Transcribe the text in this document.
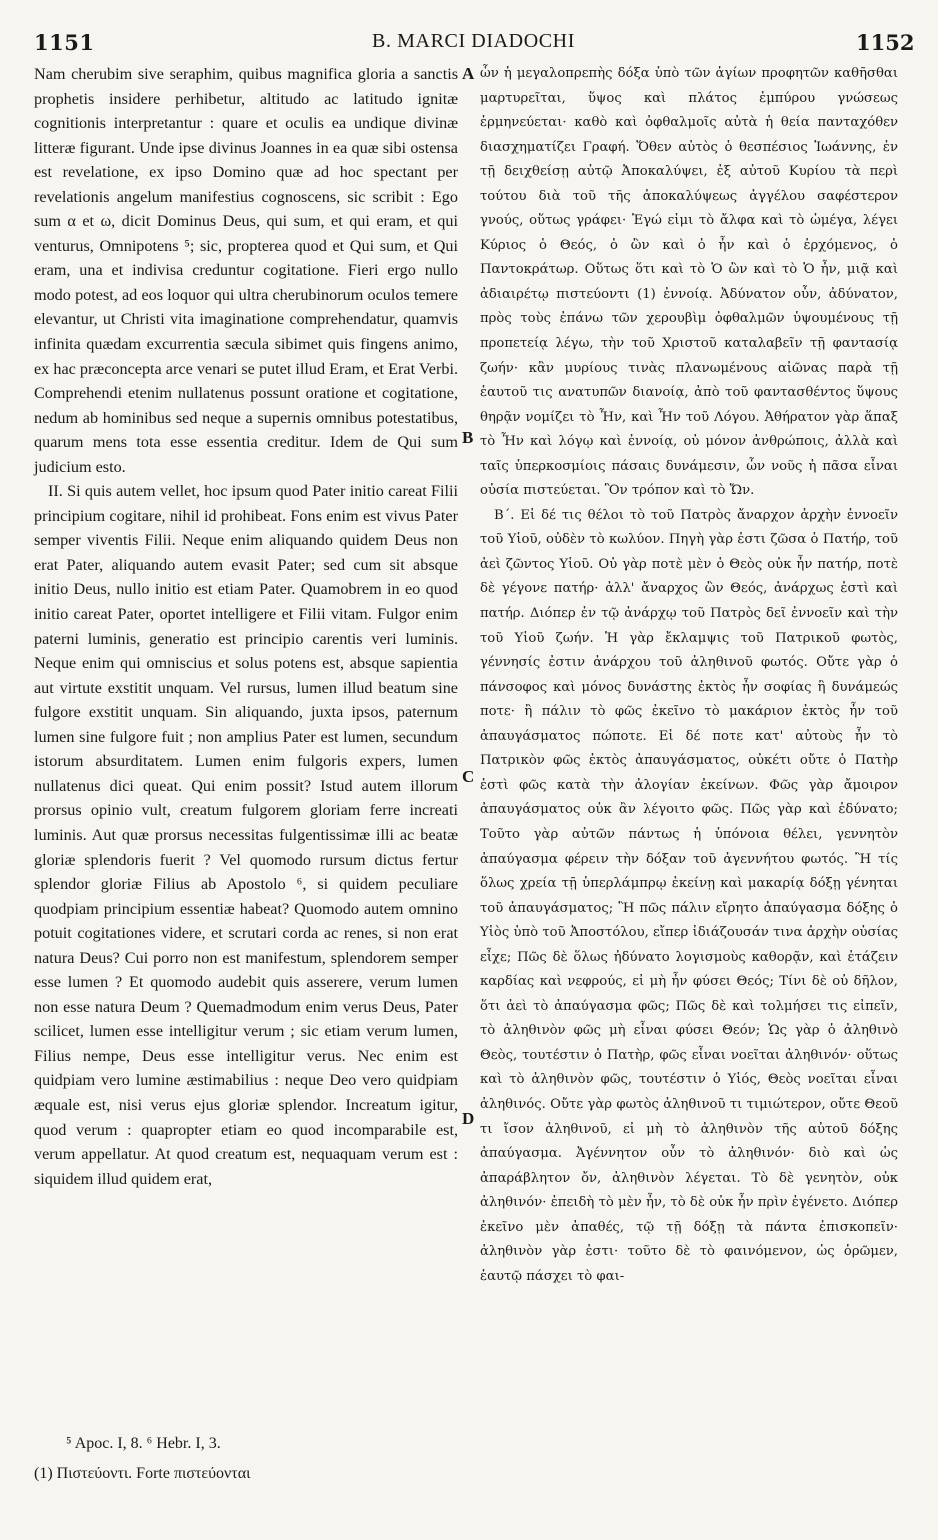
1151	B. MARCI DIADOCHI	1152

Nam cherubim sive seraphim, quibus magnifica gloria a sanctis prophetis insidere perhibetur, altitudo ac latitudo ignitæ cognitionis interpretantur : quare et oculis ea undique divinæ litteræ figurant. Unde ipse divinus Joannes in ea quæ sibi ostensa est revelatione, ex ipso Domino quæ ad hoc spectant per revelationis angelum manifestius cognoscens, sic scribit : Ego sum α et ω, dicit Dominus Deus, qui sum, et qui eram, et qui venturus, Omnipotens ⁵; sic, propterea quod et Qui sum, et Qui eram, una et indivisa creduntur cogitatione. Fieri ergo nullo modo potest, ad eos loquor qui ultra cherubinorum oculos temere elevantur, ut Christi vita imaginatione comprehendatur, quamvis infinita quædam excurrentia sæcula sibimet quis fingens animo, ex hac præconcepta arce venari se putet illud Eram, et Erat Verbi. Comprehendi etenim nullatenus possunt oratione et cogitatione, nedum ab hominibus sed neque a supernis omnibus potestatibus, quarum mens tota esse essentia creditur. Idem de Qui sum judicium esto.

II. Si quis autem vellet, hoc ipsum quod Pater initio careat Filii principium cogitare, nihil id prohibeat. Fons enim est vivus Pater semper viventis Filii. Neque enim aliquando quidem Deus non erat Pater, aliquando autem evasit Pater; sed cum sit absque initio Deus, nullo initio est etiam Pater. Quamobrem in eo quod initio careat Pater, oportet intelligere et Filii vitam. Fulgor enim paterni luminis, generatio est principio carentis veri luminis. Neque enim qui omniscius et solus potens est, absque sapientia aut virtute exstitit unquam. Vel rursus, lumen illud beatum sine fulgore exstitit unquam. Sin aliquando, juxta ipsos, paternum lumen sine fulgore fuit ; non amplius Pater est lumen, secundum istorum absurditatem. Lumen enim fulgoris expers, lumen nullatenus dici queat. Qui enim possit? Istud autem illorum prorsus opinio vult, creatum fulgorem gloriam ferre increati luminis. Aut quæ prorsus necessitas fulgentissimæ illi ac beatæ gloriæ splendoris fuerit ? Vel quomodo rursum dictus fertur splendor gloriæ Filius ab Apostolo ⁶, si quidem peculiare quodpiam principium essentiæ habeat? Quomodo autem omnino potuit cogitationes videre, et scrutari corda ac renes, si non erat natura Deus? Cui porro non est manifestum, splendorem semper esse lumen ? Et quomodo audebit quis asserere, verum lumen non esse natura Deum ? Quemadmodum enim verus Deus, Pater scilicet, lumen esse intelligitur verum ; sic etiam verum lumen, Filius nempe, Deus esse intelligitur verus. Nec enim est quidpiam vero lumine æstimabilius : neque Deo vero quidpiam æquale est, nisi verus ejus gloriæ splendor. Increatum igitur, quod verum : quapropter etiam eo quod incomparabile est, verum appellatur. At quod creatum est, nequaquam verum est : siquidem illud quidem erat,

A
B
C
D

ὧν ἡ μεγαλοπρεπὴς δόξα ὑπὸ τῶν ἁγίων προφητῶν καθῆσθαι μαρτυρεῖται, ὕψος καὶ πλάτος ἐμπύρου γνώσεως ἑρμηνεύεται· καθὸ καὶ ὀφθαλμοῖς αὐτὰ ἡ θεία πανταχόθεν διασχηματίζει Γραφή. Ὅθεν αὐτὸς ὁ θεσπέσιος Ἰωάννης, ἐν τῇ δειχθείσῃ αὐτῷ Ἀποκαλύψει, ἐξ αὐτοῦ Κυρίου τὰ περὶ τούτου διὰ τοῦ τῆς ἀποκαλύψεως ἀγγέλου σαφέστερον γνούς, οὕτως γράφει· Ἐγώ εἰμι τὸ ἄλφα καὶ τὸ ὠμέγα, λέγει Κύριος ὁ Θεός, ὁ ὢν καὶ ὁ ἦν καὶ ὁ ἐρχόμενος, ὁ Παντοκράτωρ. Οὕτως ὅτι καὶ τὸ Ὁ ὢν καὶ τὸ Ὁ ἦν, μιᾷ καὶ ἀδιαιρέτῳ πιστεύοντι (1) ἐννοίᾳ. Ἀδύνατον οὖν, ἀδύνατον, πρὸς τοὺς ἐπάνω τῶν χερουβὶμ ὀφθαλμῶν ὑψουμένους τῇ προπετείᾳ λέγω, τὴν τοῦ Χριστοῦ καταλαβεῖν τῇ φαντασίᾳ ζωήν· κἂν μυρίους τινὰς πλανωμένους αἰῶνας παρὰ τῇ ἑαυτοῦ τις ανατυπῶν διανοίᾳ, ἀπὸ τοῦ φαντασθέντος ὕψους θηρᾷν νομίζει τὸ Ἦν, καὶ Ἦν τοῦ Λόγου. Ἀθήρατον γὰρ ἅπαξ τὸ Ἦν καὶ λόγῳ καὶ ἐννοίᾳ, οὐ μόνον ἀνθρώποις, ἀλλὰ καὶ ταῖς ὑπερκοσμίοις πάσαις δυνάμεσιν, ὧν νοῦς ἡ πᾶσα εἶναι οὐσία πιστεύεται. Ὃν τρόπον καὶ τὸ Ὤν.

Β΄. Εἰ δέ τις θέλοι τὸ τοῦ Πατρὸς ἄναρχον ἀρχὴν ἐννοεῖν τοῦ Υἱοῦ, οὐδὲν τὸ κωλύον. Πηγὴ γὰρ ἐστι ζῶσα ὁ Πατήρ, τοῦ ἀεὶ ζῶντος Υἱοῦ. Οὐ γὰρ ποτὲ μὲν ὁ Θεὸς οὐκ ἦν πατήρ, ποτὲ δὲ γέγονε πατήρ· ἀλλ' ἄναρχος ὢν Θεός, ἀνάρχως ἐστὶ καὶ πατήρ. Διόπερ ἐν τῷ ἀνάρχῳ τοῦ Πατρὸς δεῖ ἐννοεῖν καὶ τὴν τοῦ Υἱοῦ ζωήν. Ἡ γὰρ ἔκλαμψις τοῦ Πατρικοῦ φωτὸς, γέννησίς ἐστιν ἀνάρχου τοῦ ἀληθινοῦ φωτός. Οὔτε γὰρ ὁ πάνσοφος καὶ μόνος δυνάστης ἐκτὸς ἦν σοφίας ἢ δυνάμεώς ποτε· ἢ πάλιν τὸ φῶς ἐκεῖνο τὸ μακάριον ἐκτὸς ἦν τοῦ ἀπαυγάσματος πώποτε. Εἰ δέ ποτε κατ' αὐτοὺς ἦν τὸ Πατρικὸν φῶς ἐκτὸς ἀπαυγάσματος, οὐκέτι οὔτε ὁ Πατὴρ ἐστὶ φῶς κατὰ τὴν ἀλογίαν ἐκείνων. Φῶς γὰρ ἄμοιρον ἀπαυγάσματος οὐκ ἂν λέγοιτο φῶς. Πῶς γὰρ καὶ ἐδύνατο; Τοῦτο γὰρ αὐτῶν πάντως ἡ ὑπόνοια θέλει, γεννητὸν ἀπαύγασμα φέρειν τὴν δόξαν τοῦ ἀγεννήτου φωτός. Ἢ τίς ὅλως χρεία τῇ ὑπερλάμπρῳ ἐκείνῃ καὶ μακαρίᾳ δόξῃ γένηται τοῦ ἀπαυγάσματος; Ἢ πῶς πάλιν εἴρητο ἀπαύγασμα δόξης ὁ Υἱὸς ὑπὸ τοῦ Ἀποστόλου, εἴπερ ἰδιάζουσάν τινα ἀρχὴν οὐσίας εἶχε; Πῶς δὲ ὅλως ἠδύνατο λογισμοὺς καθορᾷν, καὶ ἐτάζειν καρδίας καὶ νεφρούς, εἰ μὴ ἦν φύσει Θεός; Τίνι δὲ οὐ δῆλον, ὅτι ἀεὶ τὸ ἀπαύγασμα φῶς; Πῶς δὲ καὶ τολμήσει τις εἰπεῖν, τὸ ἀληθινὸν φῶς μὴ εἶναι φύσει Θεόν; Ὡς γὰρ ὁ ἀληθινὸ Θεὸς, τουτέστιν ὁ Πατὴρ, φῶς εἶναι νοεῖται ἀληθινόν· οὕτως καὶ τὸ ἀληθινὸν φῶς, τουτέστιν ὁ Υἱός, Θεὸς νοεῖται εἶναι ἀληθινός. Οὔτε γὰρ φωτὸς ἀληθινοῦ τι τιμιώτερον, οὔτε Θεοῦ τι ἴσον ἀληθινοῦ, εἰ μὴ τὸ ἀληθινὸν τῆς αὐτοῦ δόξης ἀπαύγασμα. Ἀγέννητον οὖν τὸ ἀληθινόν· διὸ καὶ ὡς ἀπαράβλητον ὄν, ἀληθινὸν λέγεται. Τὸ δὲ γενητὸν, οὐκ ἀληθινόν· ἐπειδὴ τὸ μὲν ἦν, τὸ δὲ οὐκ ἦν πρὶν ἐγένετο. Διόπερ ἐκεῖνο μὲν ἀπαθές, τῷ τῇ δόξῃ τὰ πάντα ἐπισκοπεῖν· ἀληθινὸν γὰρ ἐστι· τοῦτο δὲ τὸ φαινόμενον, ὡς ὁρῶμεν, ἑαυτῷ πάσχει τὸ φαι-

⁵ Apoc. I, 8. ⁶ Hebr. I, 3.
(1) Πιστεύοντι. Forte πιστεύονται
